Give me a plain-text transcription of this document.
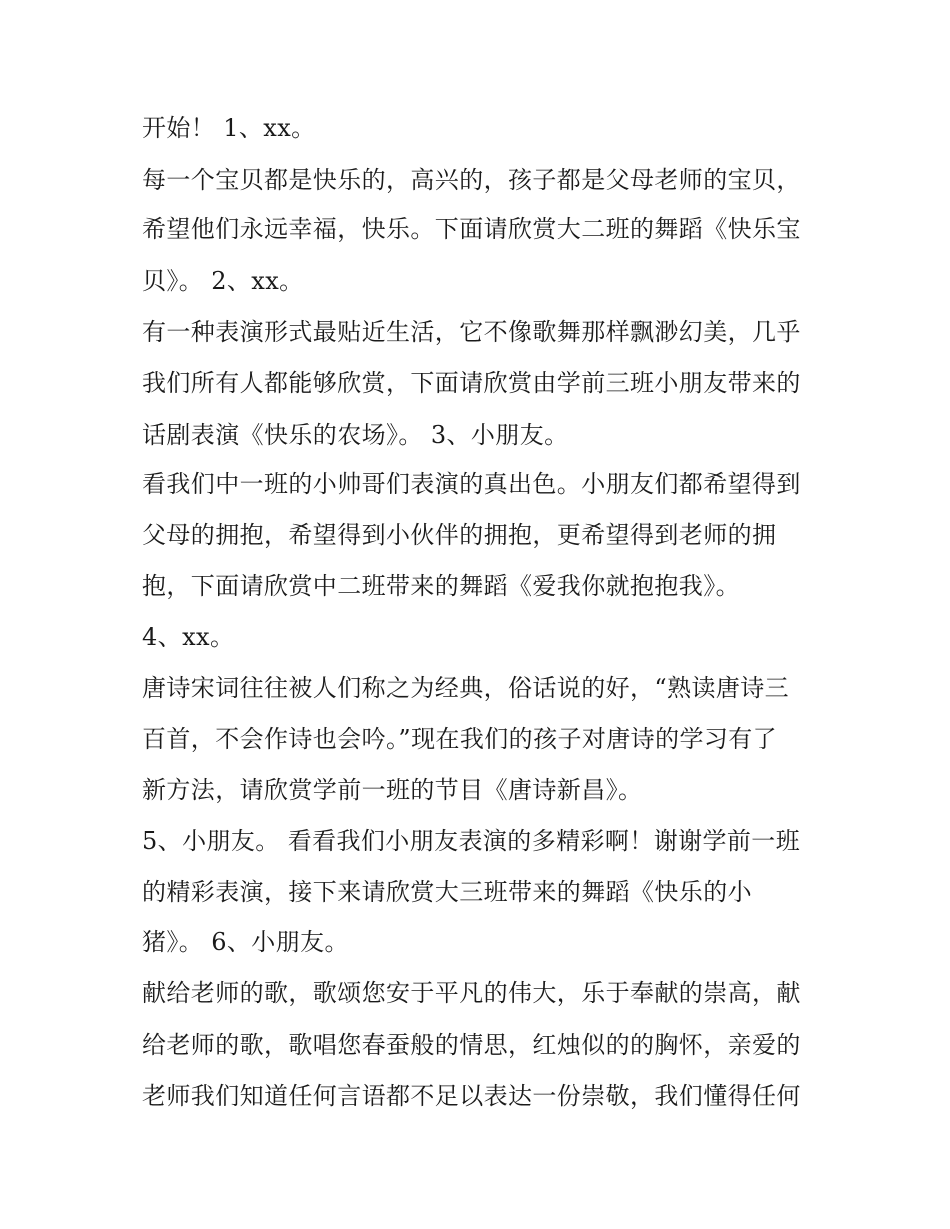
开始！ 1、xx。
每一个宝贝都是快乐的，高兴的，孩子都是父母老师的宝贝，
希望他们永远幸福，快乐。下面请欣赏大二班的舞蹈《快乐宝
贝》。 2、xx。
有一种表演形式最贴近生活，它不像歌舞那样飘渺幻美，几乎
我们所有人都能够欣赏，下面请欣赏由学前三班小朋友带来的
话剧表演《快乐的农场》。 3、小朋友。
看我们中一班的小帅哥们表演的真出色。小朋友们都希望得到
父母的拥抱，希望得到小伙伴的拥抱，更希望得到老师的拥
抱，下面请欣赏中二班带来的舞蹈《爱我你就抱抱我》。
4、xx。
唐诗宋词往往被人们称之为经典，俗话说的好，“熟读唐诗三
百首，不会作诗也会吟。”现在我们的孩子对唐诗的学习有了
新方法，请欣赏学前一班的节目《唐诗新昌》。
5、小朋友。 看看我们小朋友表演的多精彩啊！谢谢学前一班
的精彩表演，接下来请欣赏大三班带来的舞蹈《快乐的小
猪》。 6、小朋友。
献给老师的歌，歌颂您安于平凡的伟大，乐于奉献的崇高，献
给老师的歌，歌唱您春蚕般的情思，红烛似的的胸怀，亲爱的
老师我们知道任何言语都不足以表达一份崇敬，我们懂得任何
